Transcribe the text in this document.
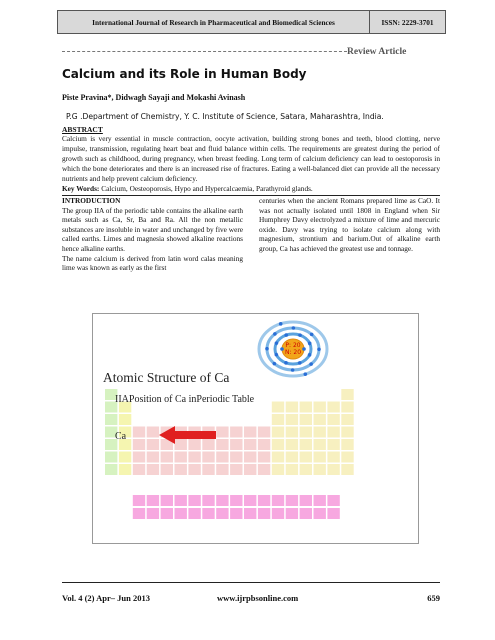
International Journal of Research in Pharmaceutical and Biomedical Sciences	ISSN: 2229-3701
Review Article
Calcium and its Role in Human Body
Piste Pravina*, Didwagh Sayaji and Mokashi Avinash
P.G .Department of Chemistry, Y. C. Institute of Science, Satara, Maharashtra, India.
ABSTRACT
Calcium is very essential in muscle contraction, oocyte activation, building strong bones and teeth, blood clotting, nerve impulse, transmission, regulating heart beat and fluid balance within cells. The requirements are greatest during the period of growth such as childhood, during pregnancy, when breast feeding. Long term of calcium deficiency can lead to oestoporosis in which the bone deteriorates and there is an increased rise of fractures. Eating a well-balanced diet can provide all the necessary nutrients and help prevent calcium deficiency.
Key Words: Calcium, Oesteoporosis, Hypo and Hypercalcaemia, Parathyroid glands.

INTRODUCTION

The group IIA of the periodic table contains the alkaline earth metals such as Ca, Sr, Ba and Ra. All the non metallic substances are insoluble in water and unchanged by five were called earths. Limes and magnesia showed alkaline reactions hence alkaline earths.

The name calcium is derived from latin word calas meaning lime was known as early as the first

centuries when the ancient Romans prepared lime as CaO. It was not actually isolated until 1808 in England when Sir Humphrey Davy electrolyzed a mixture of lime and mercuric oxide. Davy was trying to isolate calcium along with magnesium, strontium and barium.Out of alkaline earth group, Ca has achieved the greatest use and tonnage.

P: 20
N: 20
Atomic Structure of Ca
IIAPosition of Ca inPeriodic Table
Ca
Vol. 4 (2) Apr– Jun 2013	www.ijrpbsonline.com	659
